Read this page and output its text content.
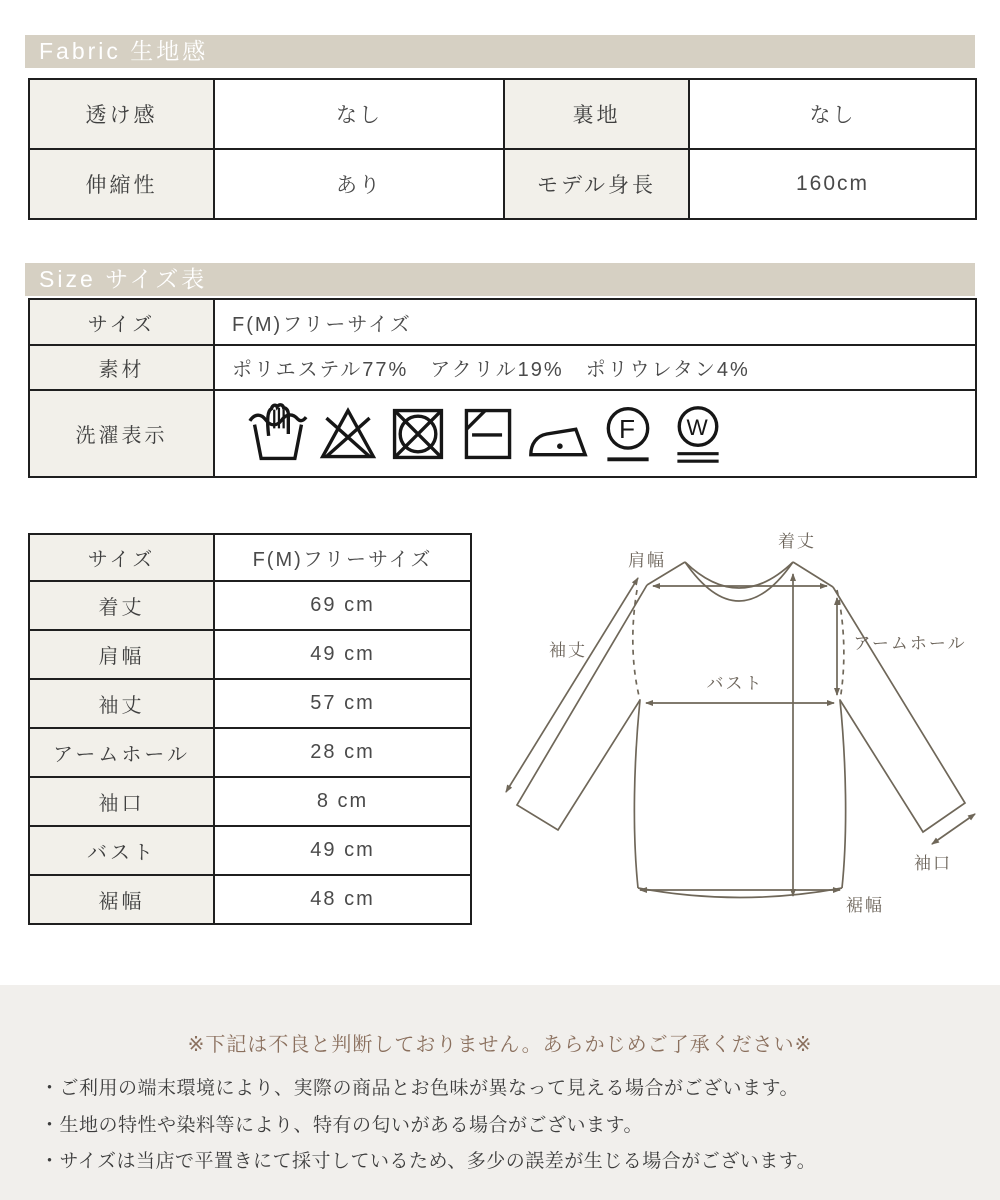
Fabric 生地感
透け感	なし	裏地	なし
伸縮性	あり	モデル身長	160cm
Size サイズ表
サイズ	F(M)フリーサイズ
素材	ポリエステル77%　アクリル19%　ポリウレタン4%
洗濯表示	F W
サイズ	F(M)フリーサイズ
着丈	69 cm
肩幅	49 cm
袖丈	57 cm
アームホール	28 cm
袖口	8 cm
バスト	49 cm
裾幅	48 cm
着丈
肩幅
袖丈	アームホール
バスト
袖口
裾幅
※下記は不良と判断しておりません。あらかじめご了承ください※
・ご利用の端末環境により、実際の商品とお色味が異なって見える場合がございます。
・生地の特性や染料等により、特有の匂いがある場合がございます。
・サイズは当店で平置きにて採寸しているため、多少の誤差が生じる場合がございます。
